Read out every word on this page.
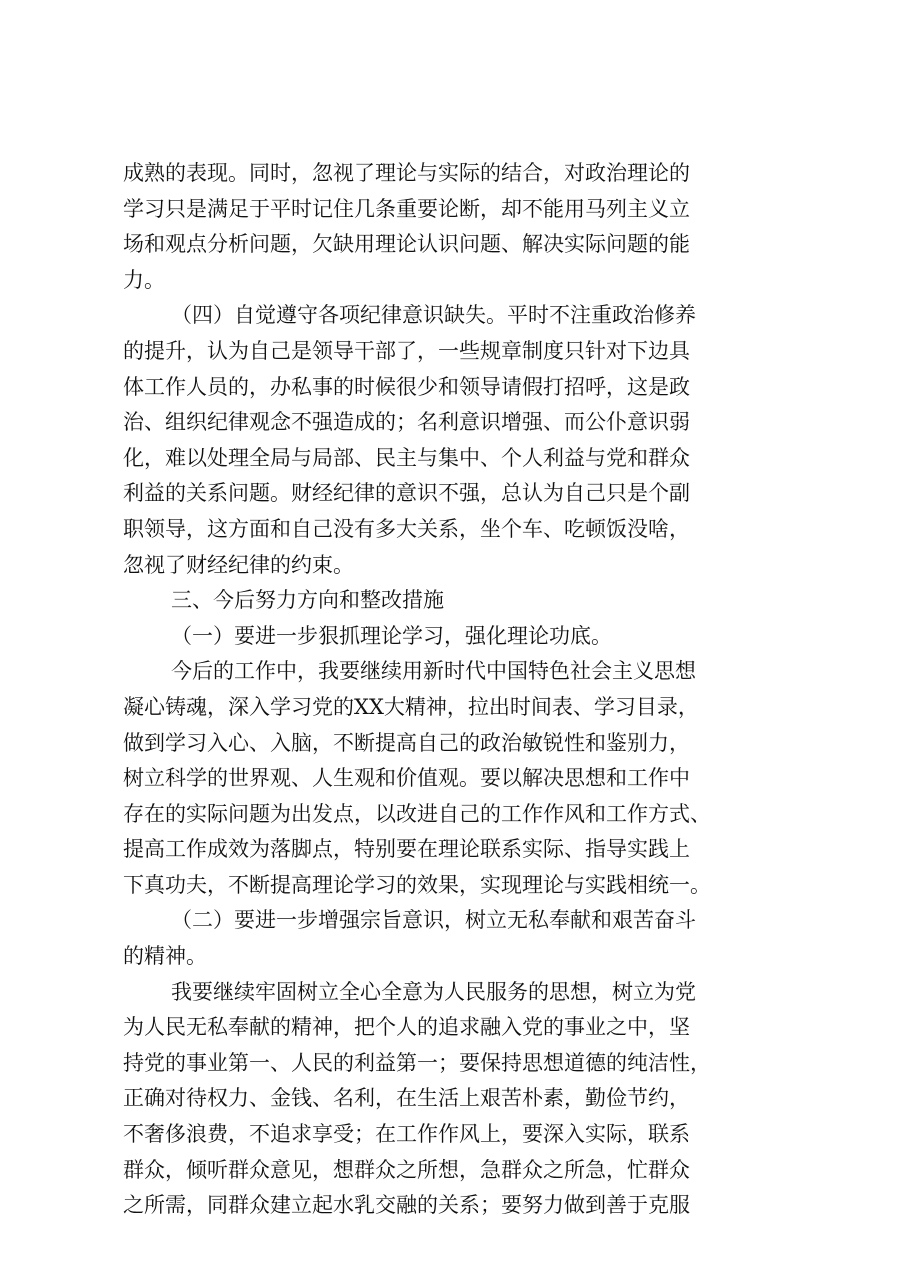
成熟的表现。同时，忽视了理论与实际的结合，对政治理论的
学习只是满足于平时记住几条重要论断，却不能用马列主义立
场和观点分析问题，欠缺用理论认识问题、解决实际问题的能
力。
（四）自觉遵守各项纪律意识缺失。平时不注重政治修养
的提升，认为自己是领导干部了，一些规章制度只针对下边具
体工作人员的，办私事的时候很少和领导请假打招呼，这是政
治、组织纪律观念不强造成的；名利意识增强、而公仆意识弱
化，难以处理全局与局部、民主与集中、个人利益与党和群众
利益的关系问题。财经纪律的意识不强，总认为自己只是个副
职领导，这方面和自己没有多大关系，坐个车、吃顿饭没啥，
忽视了财经纪律的约束。
三、今后努力方向和整改措施
（一）要进一步狠抓理论学习，强化理论功底。
今后的工作中，我要继续用新时代中国特色社会主义思想
凝心铸魂，深入学习党的XX大精神，拉出时间表、学习目录，
做到学习入心、入脑，不断提高自己的政治敏锐性和鉴别力，
树立科学的世界观、人生观和价值观。要以解决思想和工作中
存在的实际问题为出发点，以改进自己的工作作风和工作方式、
提高工作成效为落脚点，特别要在理论联系实际、指导实践上
下真功夫，不断提高理论学习的效果，实现理论与实践相统一。
（二）要进一步增强宗旨意识，树立无私奉献和艰苦奋斗
的精神。
我要继续牢固树立全心全意为人民服务的思想，树立为党
为人民无私奉献的精神，把个人的追求融入党的事业之中，坚
持党的事业第一、人民的利益第一；要保持思想道德的纯洁性，
正确对待权力、金钱、名利，在生活上艰苦朴素，勤俭节约，
不奢侈浪费，不追求享受；在工作作风上，要深入实际，联系
群众，倾听群众意见，想群众之所想，急群众之所急，忙群众
之所需，同群众建立起水乳交融的关系；要努力做到善于克服
